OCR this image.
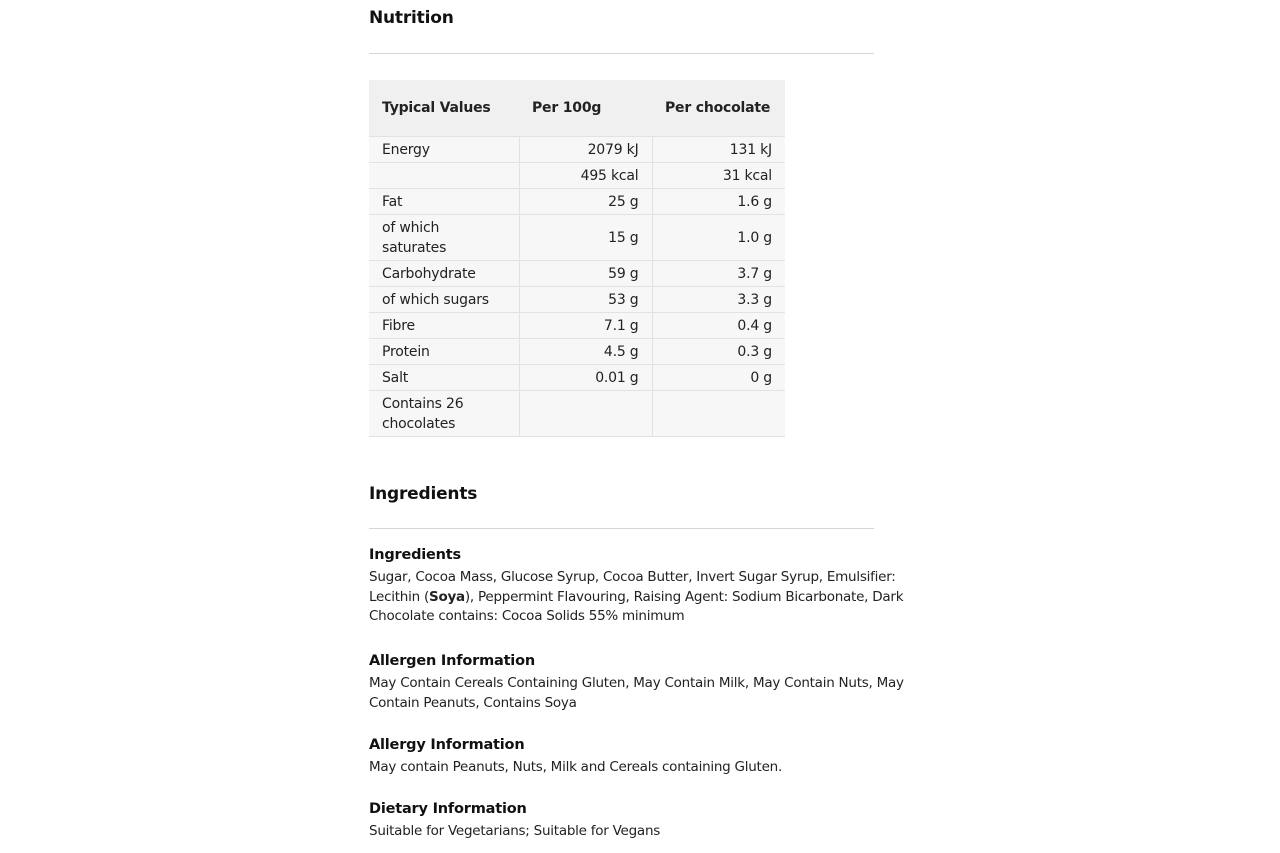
Nutrition
Typical Values	Per 100g	Per chocolate
Energy	2079 kJ	131 kJ
	495 kcal	31 kcal
Fat	25 g	1.6 g
of which saturates	15 g	1.0 g
Carbohydrate	59 g	3.7 g
of which sugars	53 g	3.3 g
Fibre	7.1 g	0.4 g
Protein	4.5 g	0.3 g
Salt	0.01 g	0 g
Contains 26 chocolates		
Ingredients
Ingredients

Sugar, Cocoa Mass, Glucose Syrup, Cocoa Butter, Invert Sugar Syrup, Emulsifier: Lecithin (Soya), Peppermint Flavouring, Raising Agent: Sodium Bicarbonate, Dark Chocolate contains: Cocoa Solids 55% minimum

Allergen Information

May Contain Cereals Containing Gluten, May Contain Milk, May Contain Nuts, May Contain Peanuts, Contains Soya

Allergy Information

May contain Peanuts, Nuts, Milk and Cereals containing Gluten.

Dietary Information

Suitable for Vegetarians; Suitable for Vegans
